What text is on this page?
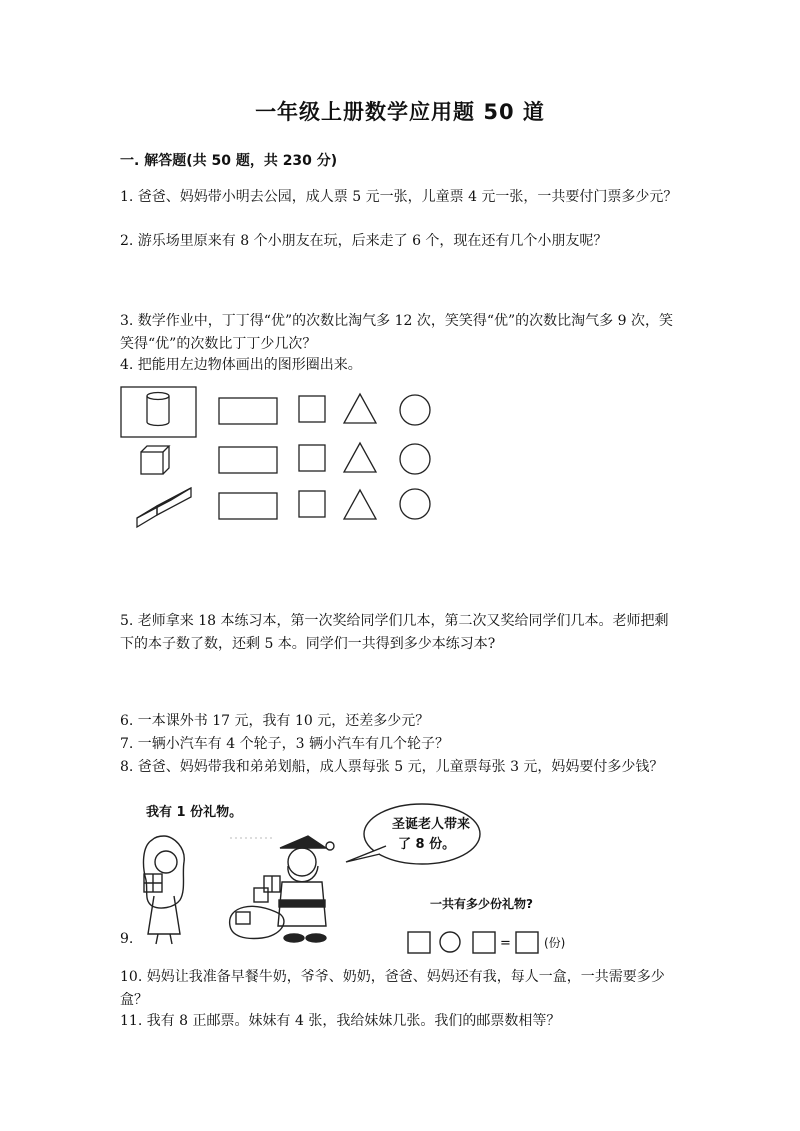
一年级上册数学应用题 50 道
一. 解答题(共 50 题，共 230 分)
1. 爸爸、妈妈带小明去公园，成人票 5 元一张，儿童票 4 元一张，一共要付门票多少元？
2. 游乐场里原来有 8 个小朋友在玩，后来走了 6 个，现在还有几个小朋友呢？
3. 数学作业中，丁丁得“优”的次数比淘气多 12 次，笑笑得“优”的次数比淘气多 9 次，笑笑得“优”的次数比丁丁少几次？
4. 把能用左边物体画出的图形圈出来。
5. 老师拿来 18 本练习本，第一次奖给同学们几本，第二次又奖给同学们几本。老师把剩下的本子数了数，还剩 5 本。同学们一共得到多少本练习本?
6. 一本课外书 17 元，我有 10 元，还差多少元？
7. 一辆小汽车有 4 个轮子，3 辆小汽车有几个轮子？
8. 爸爸、妈妈带我和弟弟划船，成人票每张 5 元，儿童票每张 3 元，妈妈要付多少钱？
9.
我有 1 份礼物。
圣诞老人带来
了 8 份。
一共有多少份礼物?
=	(份)
10. 妈妈让我准备早餐牛奶，爷爷、奶奶，爸爸、妈妈还有我，每人一盒，一共需要多少盒？
11. 我有 8 正邮票。妹妹有 4 张，我给妹妹几张。我们的邮票数相等？
